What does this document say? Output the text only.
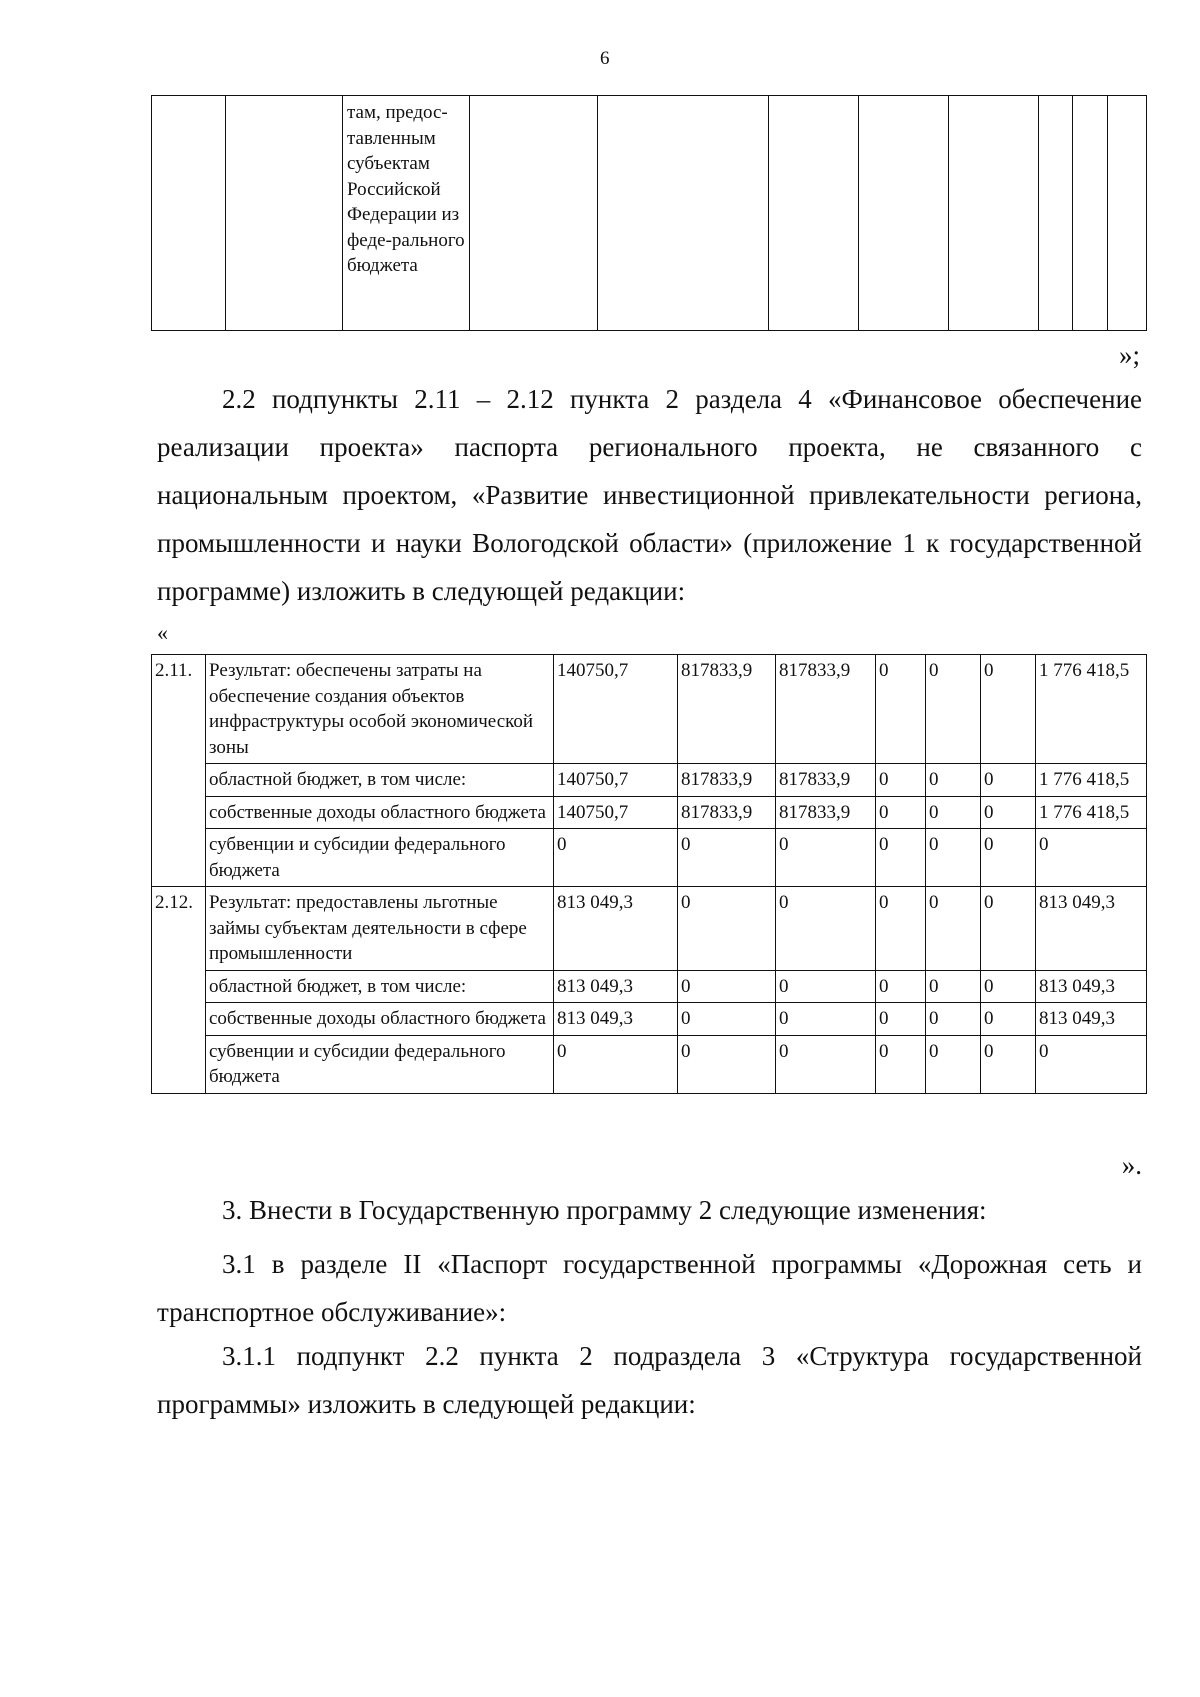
6
		там, предос-тавленным субъектам Российской Федерации из феде-рального бюджета								
»;
2.2 подпункты 2.11 – 2.12 пункта 2 раздела 4 «Финансовое обеспечение реализации проекта» паспорта регионального проекта, не связанного с национальным проектом, «Развитие инвестиционной привлекательности региона, промышленности и науки Вологодской области» (приложение 1 к государственной программе) изложить в следующей редакции:
«
2.11.	Результат: обеспечены затраты на обеспечение создания объектов инфраструктуры особой экономической зоны	140750,7	817833,9	817833,9	0	0	0	1 776 418,5
	областной бюджет, в том числе:	140750,7	817833,9	817833,9	0	0	0	1 776 418,5
	собственные доходы областного бюджета	140750,7	817833,9	817833,9	0	0	0	1 776 418,5
	субвенции и субсидии федерального бюджета	0	0	0	0	0	0	0
2.12.	Результат: предоставлены льготные займы субъектам деятельности в сфере промышленности	813 049,3	0	0	0	0	0	813 049,3
	областной бюджет, в том числе:	813 049,3	0	0	0	0	0	813 049,3
	собственные доходы областного бюджета	813 049,3	0	0	0	0	0	813 049,3
	субвенции и субсидии федерального бюджета	0	0	0	0	0	0	0
».
3. Внести в Государственную программу 2 следующие изменения:
3.1 в разделе II «Паспорт государственной программы «Дорожная сеть и транспортное обслуживание»:
3.1.1 подпункт 2.2 пункта 2 подраздела 3 «Структура государственной программы» изложить в следующей редакции:
